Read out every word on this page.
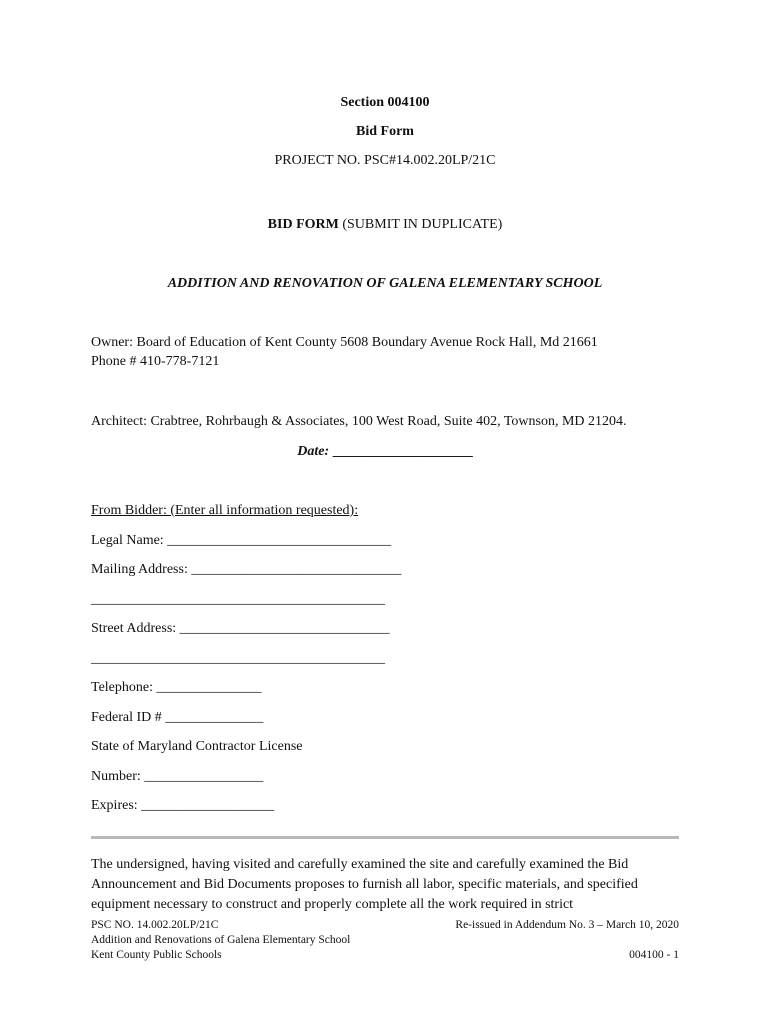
Section 004100
Bid Form
PROJECT NO. PSC#14.002.20LP/21C
BID FORM (SUBMIT IN DUPLICATE)
ADDITION AND RENOVATION OF GALENA ELEMENTARY SCHOOL
Owner: Board of Education of Kent County 5608 Boundary Avenue Rock Hall, Md 21661
Phone # 410-778-7121
Architect: Crabtree, Rohrbaugh & Associates, 100 West Road, Suite 402, Townson, MD 21204.
Date: ____________________
From Bidder: (Enter all information requested):
Legal Name: ________________________________
Mailing Address: ______________________________
__________________________________________
Street Address: ______________________________
__________________________________________
Telephone: _______________
Federal ID # ______________
State of Maryland Contractor License
Number: _________________
Expires: ___________________
The undersigned, having visited and carefully examined the site and carefully examined the Bid Announcement and Bid Documents proposes to furnish all labor, specific materials, and specified equipment necessary to construct and properly complete all the work required in strict
PSC NO. 14.002.20LP/21C
Addition and Renovations of Galena Elementary School
Kent County Public Schools
Re-issued in Addendum No. 3 – March 10, 2020
004100 - 1
